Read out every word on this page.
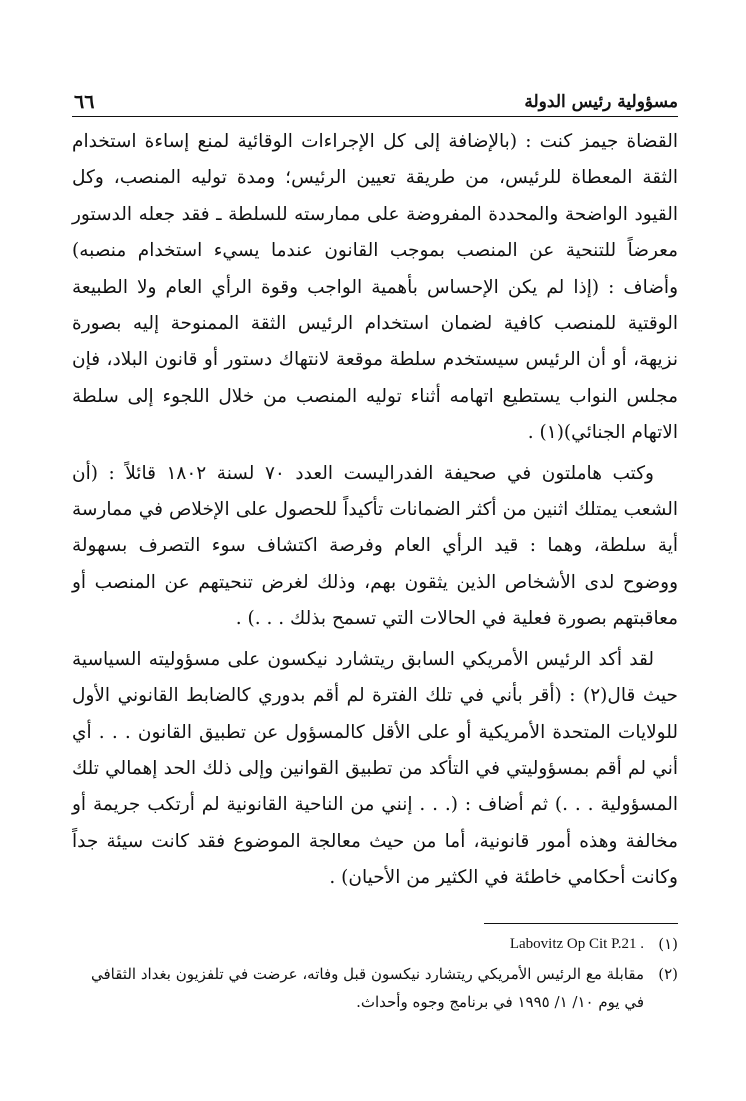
مسؤولية رئيس الدولة
٦٦

القضاة جيمز كنت : (بالإضافة إلى كل الإجراءات الوقائية لمنع إساءة استخدام الثقة المعطاة للرئيس، من طريقة تعيين الرئيس؛ ومدة توليه المنصب، وكل القيود الواضحة والمحددة المفروضة على ممارسته للسلطة ـ فقد جعله الدستور معرضاً للتنحية عن المنصب بموجب القانون عندما يسيء استخدام منصبه) وأضاف : (إذا لم يكن الإحساس بأهمية الواجب وقوة الرأي العام ولا الطبيعة الوقتية للمنصب كافية لضمان استخدام الرئيس الثقة الممنوحة إليه بصورة نزيهة، أو أن الرئيس سيستخدم سلطة موقعة لانتهاك دستور أو قانون البلاد، فإن مجلس النواب يستطيع اتهامه أثناء توليه المنصب من خلال اللجوء إلى سلطة الاتهام الجنائي)(١) .

وكتب هاملتون في صحيفة الفدراليست العدد ٧٠ لسنة ١٨٠٢ قائلاً : (أن الشعب يمتلك اثنين من أكثر الضمانات تأكيداً للحصول على الإخلاص في ممارسة أية سلطة، وهما : قيد الرأي العام وفرصة اكتشاف سوء التصرف بسهولة ووضوح لدى الأشخاص الذين يثقون بهم، وذلك لغرض تنحيتهم عن المنصب أو معاقبتهم بصورة فعلية في الحالات التي تسمح بذلك . . .) .

لقد أكد الرئيس الأمريكي السابق ريتشارد نيكسون على مسؤوليته السياسية حيث قال(٢) : (أقر بأني في تلك الفترة لم أقم بدوري كالضابط القانوني الأول للولايات المتحدة الأمريكية أو على الأقل كالمسؤول عن تطبيق القانون . . . أي أني لم أقم بمسؤوليتي في التأكد من تطبيق القوانين وإلى ذلك الحد إهمالي تلك المسؤولية . . .) ثم أضاف : (. . . إنني من الناحية القانونية لم أرتكب جريمة أو مخالفة وهذه أمور قانونية، أما من حيث معالجة الموضوع فقد كانت سيئة جداً وكانت أحكامي خاطئة في الكثير من الأحيان) .

(١)
Labovitz Op Cit P.21 .
(٢)
مقابلة مع الرئيس الأمريكي ريتشارد نيكسون قبل وفاته، عرضت في تلفزيون بغداد الثقافي في يوم ١٠/ ١/ ١٩٩٥ في برنامج وجوه وأحداث.
